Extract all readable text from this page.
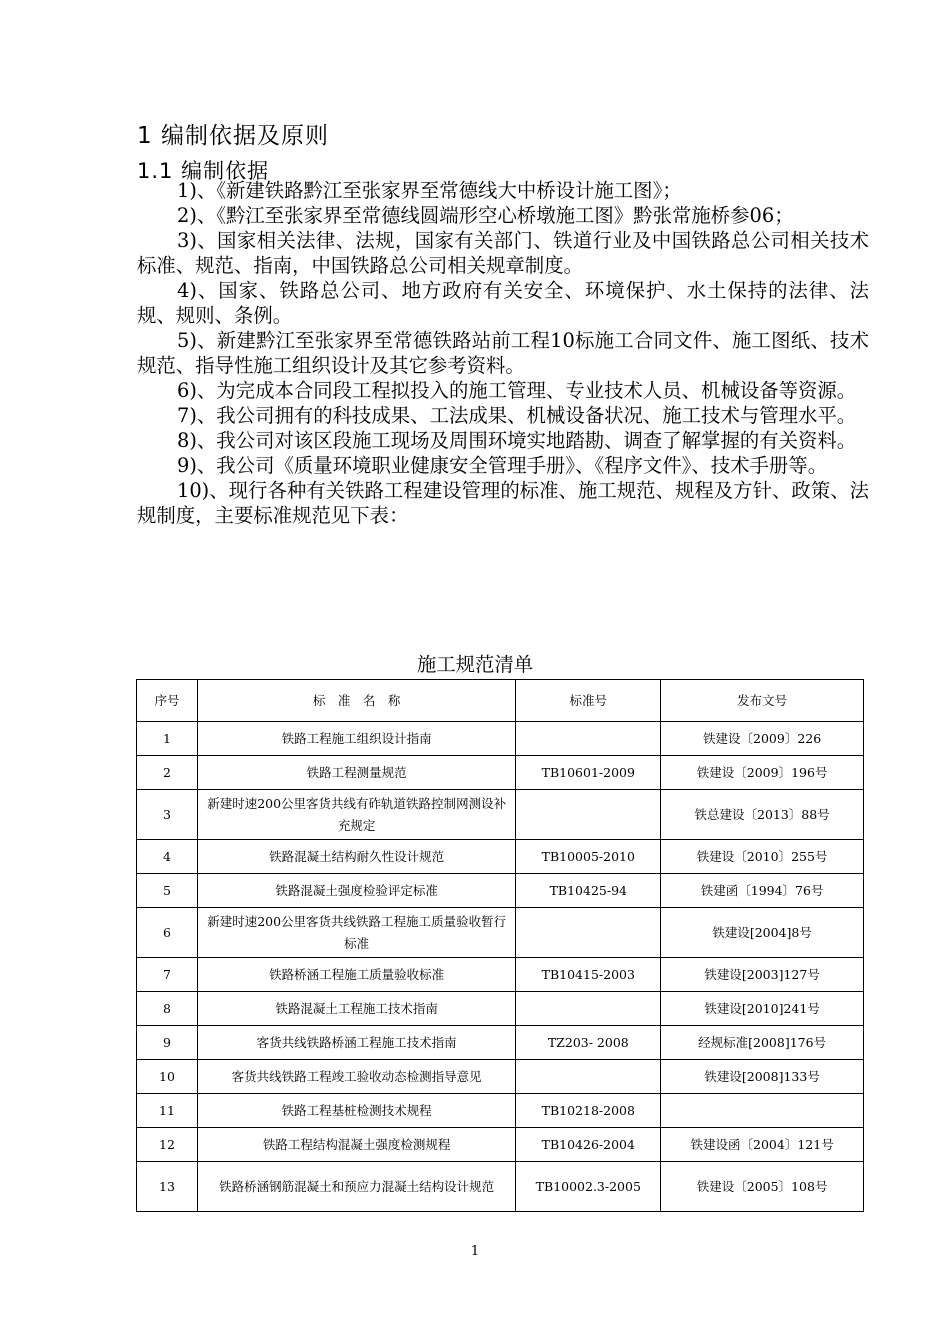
1 编制依据及原则
1.1 编制依据

1)、《新建铁路黔江至张家界至常德线大中桥设计施工图》；

2)、《黔江至张家界至常德线圆端形空心桥墩施工图》黔张常施桥参06；

3)、国家相关法律、法规，国家有关部门、铁道行业及中国铁路总公司相关技术标准、规范、指南，中国铁路总公司相关规章制度。

4)、国家、铁路总公司、地方政府有关安全、环境保护、水土保持的法律、法规、规则、条例。

5)、新建黔江至张家界至常德铁路站前工程10标施工合同文件、施工图纸、技术规范、指导性施工组织设计及其它参考资料。

6)、为完成本合同段工程拟投入的施工管理、专业技术人员、机械设备等资源。

7)、我公司拥有的科技成果、工法成果、机械设备状况、施工技术与管理水平。

8)、我公司对该区段施工现场及周围环境实地踏勘、调查了解掌握的有关资料。

9)、我公司《质量环境职业健康安全管理手册》、《程序文件》、技术手册等。

10)、现行各种有关铁路工程建设管理的标准、施工规范、规程及方针、政策、法规制度，主要标准规范见下表：

施工规范清单
序号	标　准　名　称	标准号	发布文号
1	铁路工程施工组织设计指南		铁建设〔2009〕226
2	铁路工程测量规范	TB10601-2009	铁建设〔2009〕196号
3	新建时速200公里客货共线有砟轨道铁路控制网测设补充规定		铁总建设〔2013〕88号
4	铁路混凝土结构耐久性设计规范	TB10005-2010	铁建设〔2010〕255号
5	铁路混凝土强度检验评定标准	TB10425-94	铁建函〔1994〕76号
6	新建时速200公里客货共线铁路工程施工质量验收暂行标准		铁建设[2004]8号
7	铁路桥涵工程施工质量验收标准	TB10415-2003	铁建设[2003]127号
8	铁路混凝土工程施工技术指南		铁建设[2010]241号
9	客货共线铁路桥涵工程施工技术指南	TZ203- 2008	经规标准[2008]176号
10	客货共线铁路工程竣工验收动态检测指导意见		铁建设[2008]133号
11	铁路工程基桩检测技术规程	TB10218-2008	
12	铁路工程结构混凝土强度检测规程	TB10426-2004	铁建设函〔2004〕121号
13	铁路桥涵钢筋混凝土和预应力混凝土结构设计规范	TB10002.3-2005	铁建设〔2005〕108号
1
